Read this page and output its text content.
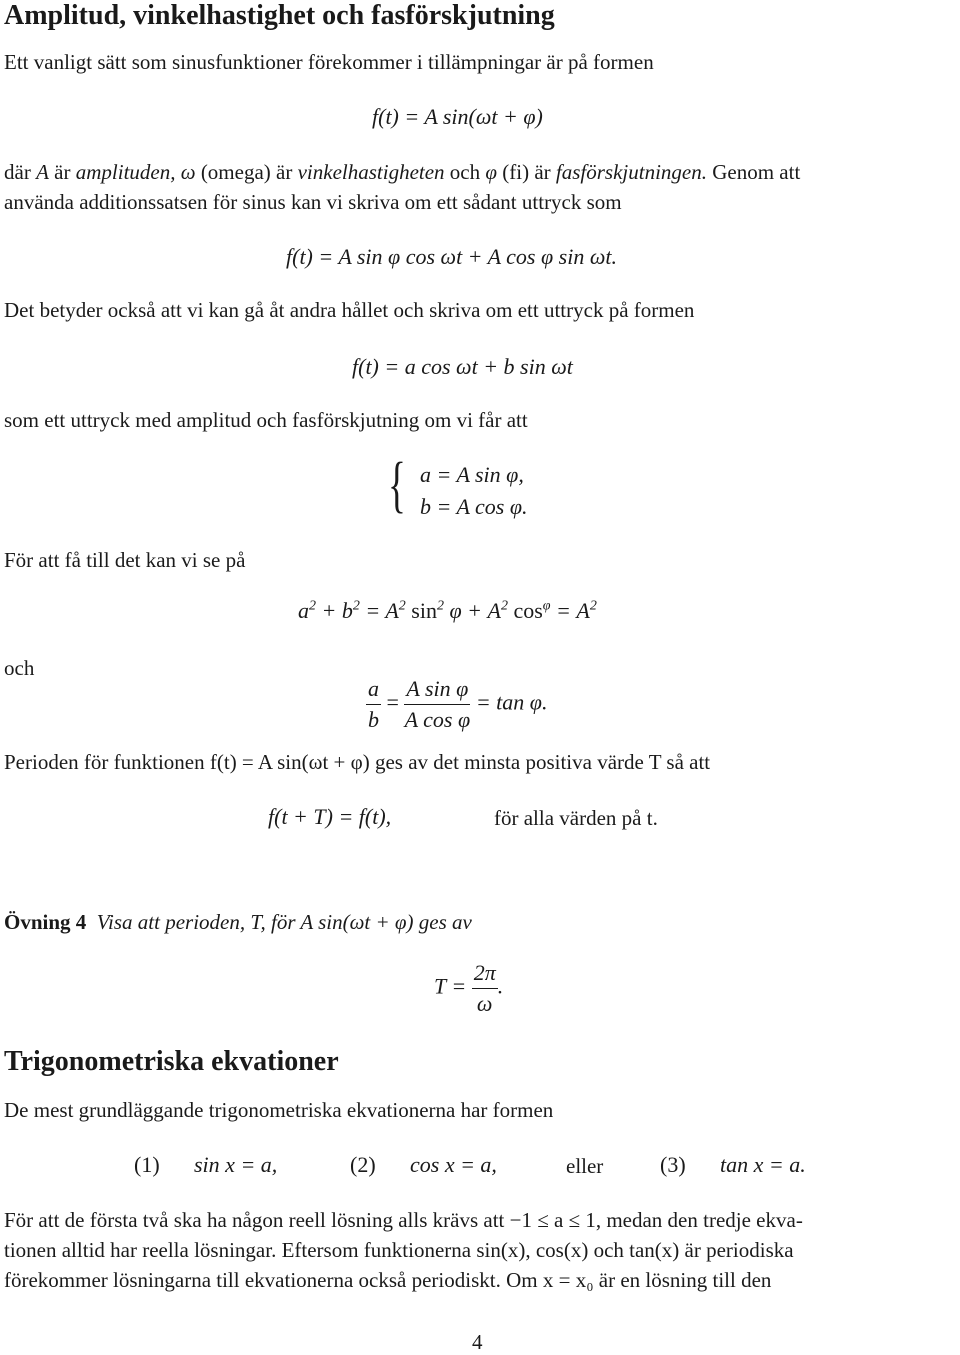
Amplitud, vinkelhastighet och fasförskjutning
Ett vanligt sätt som sinusfunktioner förekommer i tillämpningar är på formen
f(t) = A sin(ωt + φ)
där A är amplituden, ω (omega) är vinkelhastigheten och φ (fi) är fasförskjutningen. Genom att
använda additionssatsen för sinus kan vi skriva om ett sådant uttryck som
f(t) = A sin φ cos ωt + A cos φ sin ωt.
Det betyder också att vi kan gå åt andra hållet och skriva om ett uttryck på formen
f(t) = a cos ωt + b sin ωt
som ett uttryck med amplitud och fasförskjutning om vi får att
{ a = A sin φ,
b = A cos φ.
För att få till det kan vi se på
$a^2 + b^2 = A^2$ $\sin^2 \varphi + A^2$ $\cos^\varphi = A^2$
och
$\frac{a}{b} = \frac{\text{A sin φ}}{\text{A cos φ}} = \tan \varphi$.
Perioden för funktionen f(t) = A sin(ωt + φ) ges av det minsta positiva värde T så att
f(t + T) = f(t),	för alla värden på t.
Övning 4 Visa att perioden, T, för A sin(ωt + φ) ges av
$T = \frac{2\pi}{\omega}$ .
Trigonometriska ekvationer
De mest grundläggande trigonometriska ekvationerna har formen
(1) sin x = a,	(2) cos x = a,	eller	(3) tan x = a.
För att de första två ska ha någon reell lösning alls krävs att −1 ≤ a ≤ 1, medan den tredje ekva-
tionen alltid har reella lösningar. Eftersom funktionerna sin(x), cos(x) och tan(x) är periodiska
förekommer lösningarna till ekvationerna också periodiskt. Om x = x₀ är en lösning till den
4
